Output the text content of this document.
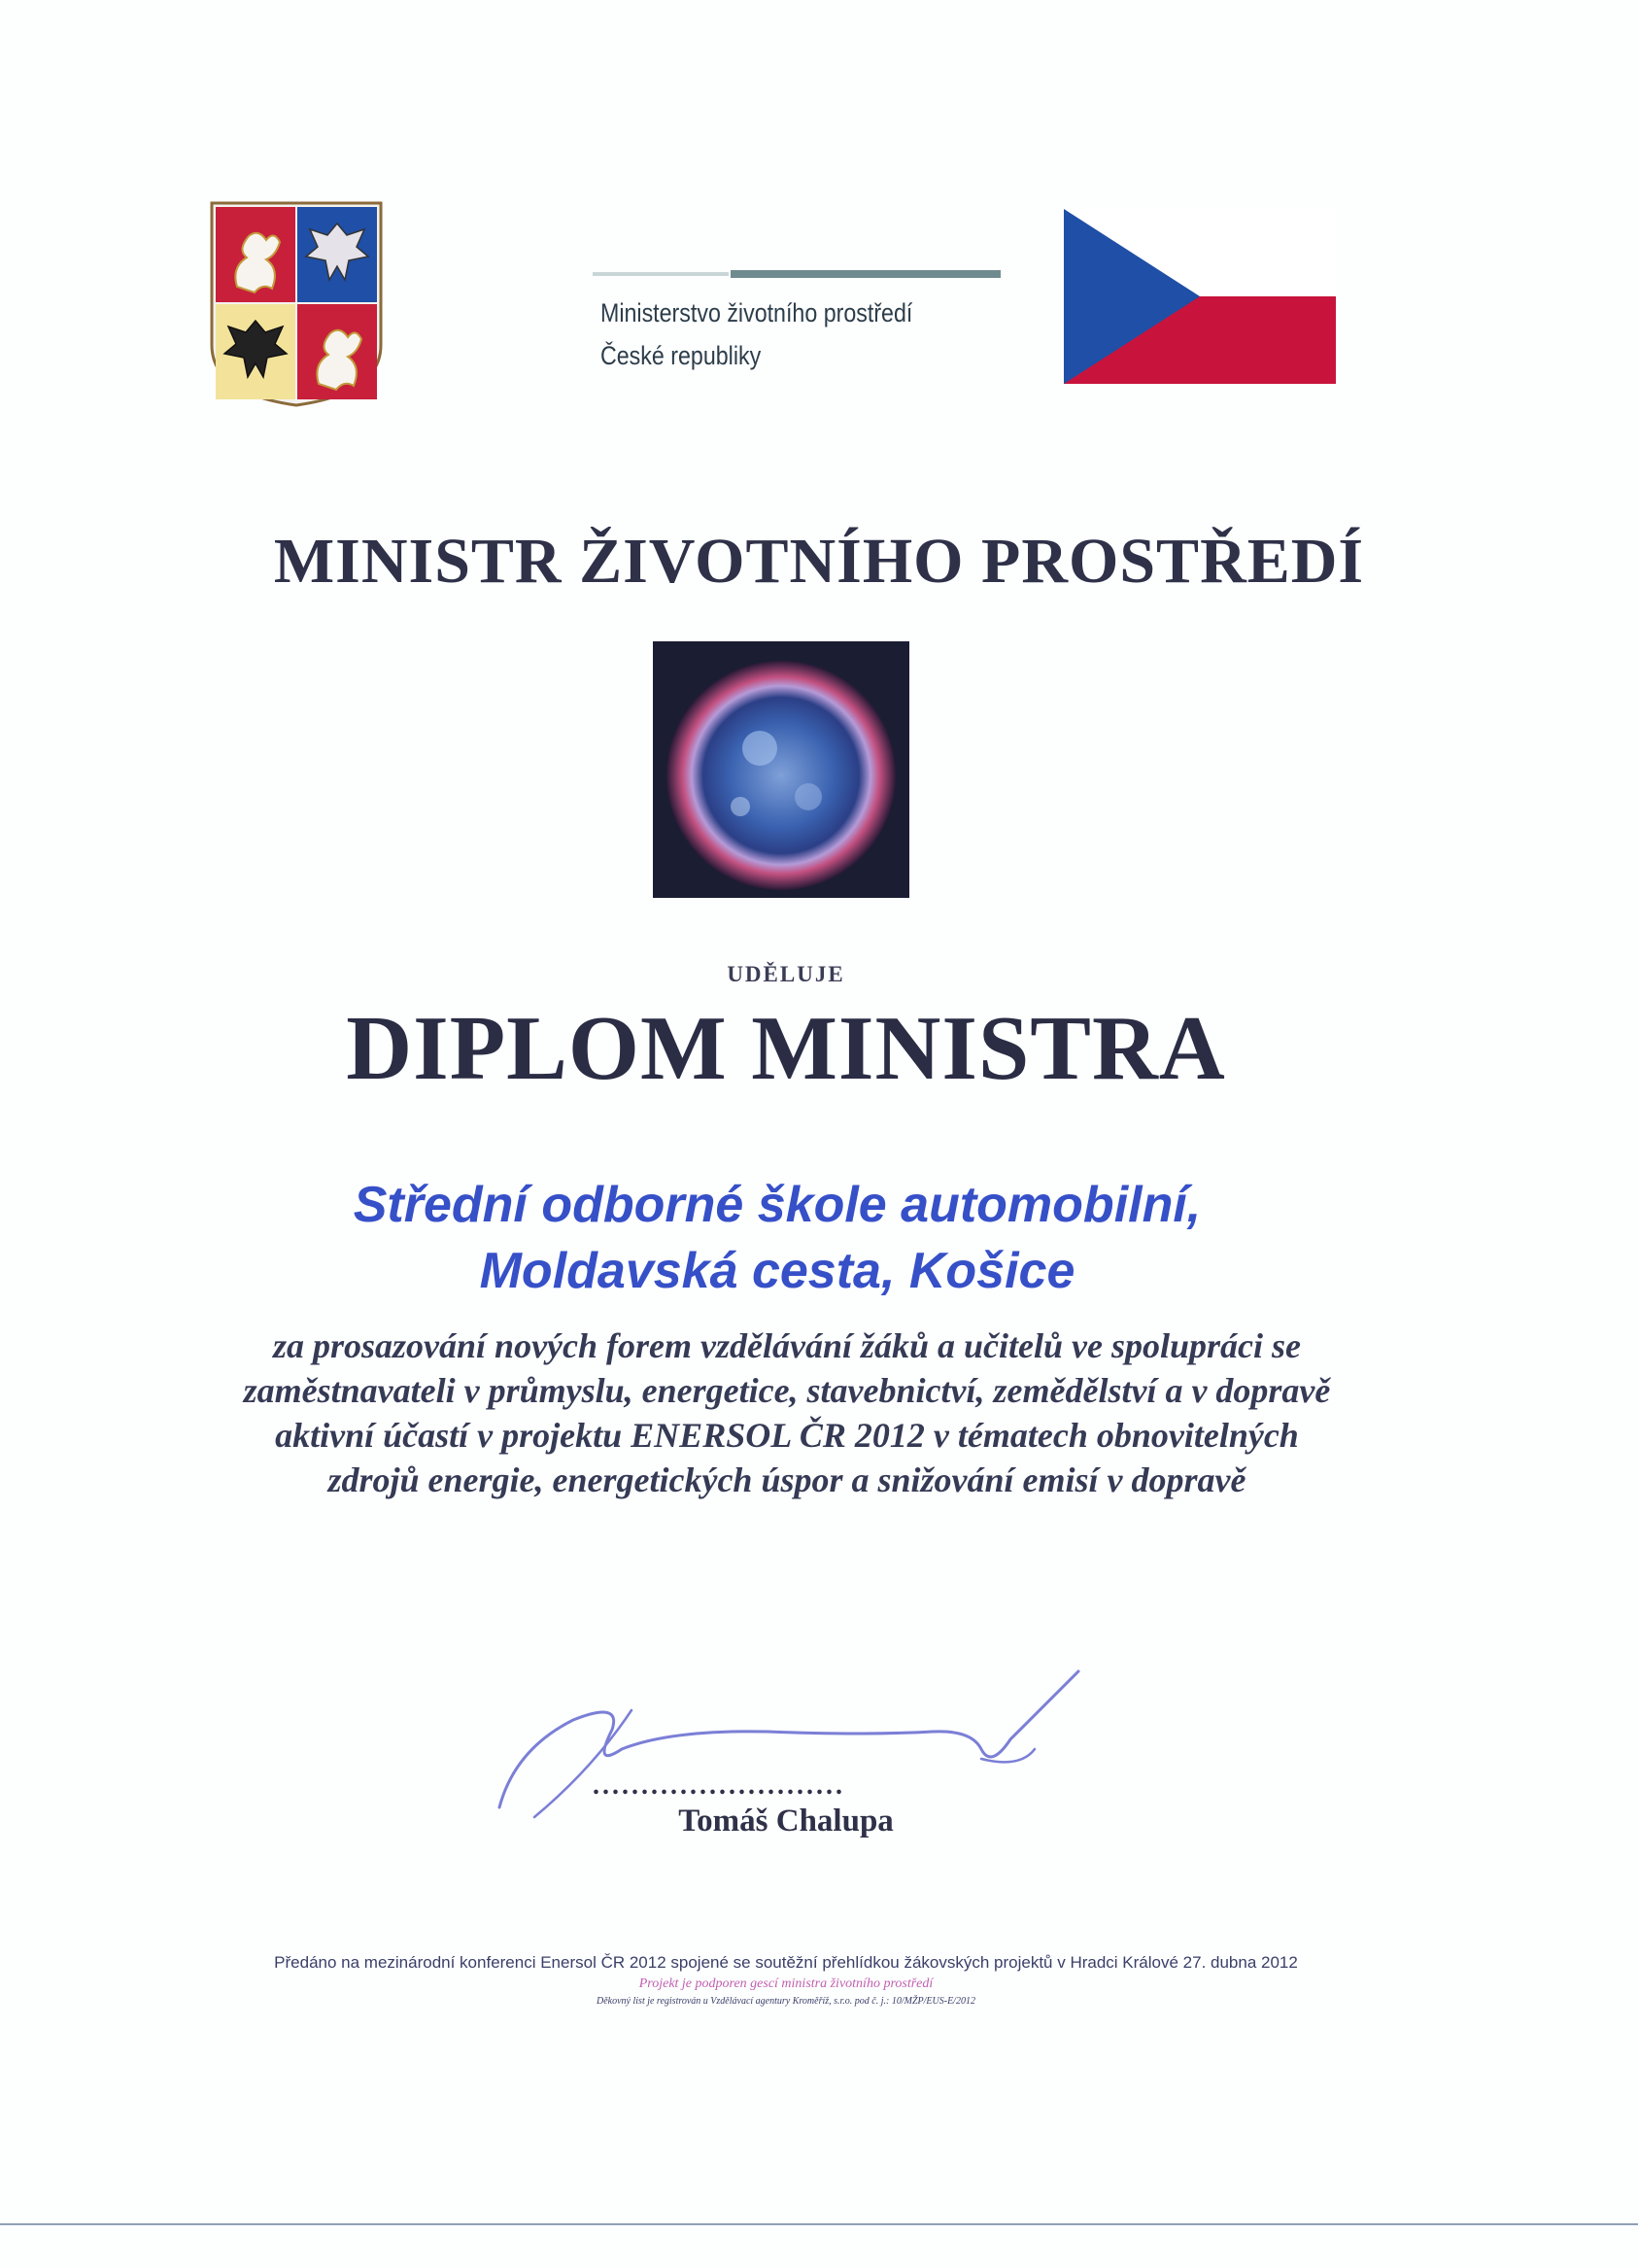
Ministerstvo životního prostředí
České republiky
MINISTR ŽIVOTNÍHO PROSTŘEDÍ
UDĚLUJE
DIPLOM MINISTRA
Střední odborné škole automobilní,
Moldavská cesta, Košice
za prosazování nových forem vzdělávání žáků a učitelů ve spolupráci se
zaměstnavateli v průmyslu, energetice, stavebnictví, zemědělství a v dopravě
aktivní účastí v projektu ENERSOL ČR 2012 v tématech obnovitelných
zdrojů energie, energetických úspor a snižování emisí v dopravě
..........................
Tomáš Chalupa
Předáno na mezinárodní konferenci Enersol ČR 2012 spojené se soutěžní přehlídkou žákovských projektů v Hradci Králové 27. dubna 2012
Projekt je podporen gescí ministra životního prostředí
Děkovný list je registrován u Vzdělávací agentury Kroměříž, s.r.o. pod č. j.: 10/MŽP/EUS-E/2012
